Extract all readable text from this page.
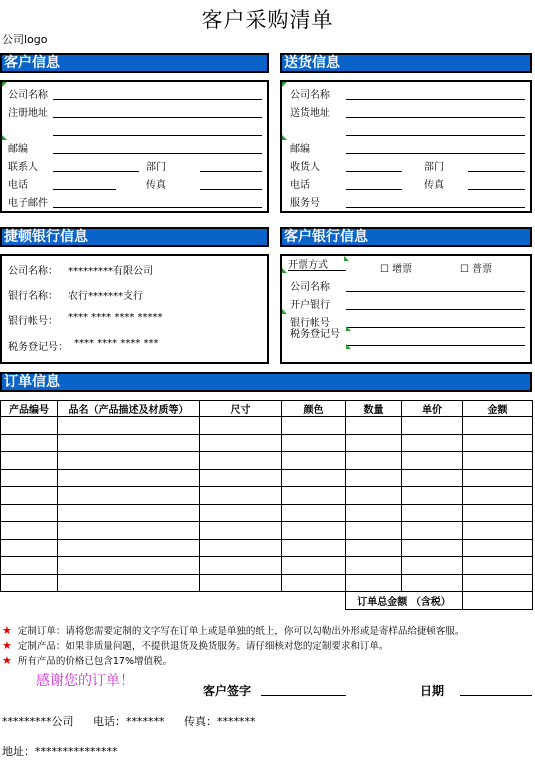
客户采购清单
公司logo
客户信息
公司名称
注册地址
邮编
联系人	部门
电话	传真
电子邮件
送货信息
公司名称
送货地址
邮编
收货人	部门
电话	传真
服务号
捷顿银行信息
公司名称： *********有限公司
银行名称： 农行*******支行
银行帐号： **** **** **** *****
税务登记号： **** **** **** ***
客户银行信息
开票方式	☐ 增票	☐ 普票
公司名称
开户银行
银行帐号
税务登记号
订单信息
产品编号	品名（产品描述及材质等）	尺寸	颜色	数量	单价	金额

				订单总金额 （含税）		
★ 定制订单：请将您需要定制的文字写在订单上或是单独的纸上，你可以勾勒出外形或是寄样品给捷顿客服。
★ 定制产品：如果非质量问题，不提供退货及换货服务。请仔细核对您的定制要求和订单。
★ 所有产品的价格已包含17%增值税。
感谢您的订单！
客户签字	日期
*********公司 电话：******* 传真：*******
地址：***************
